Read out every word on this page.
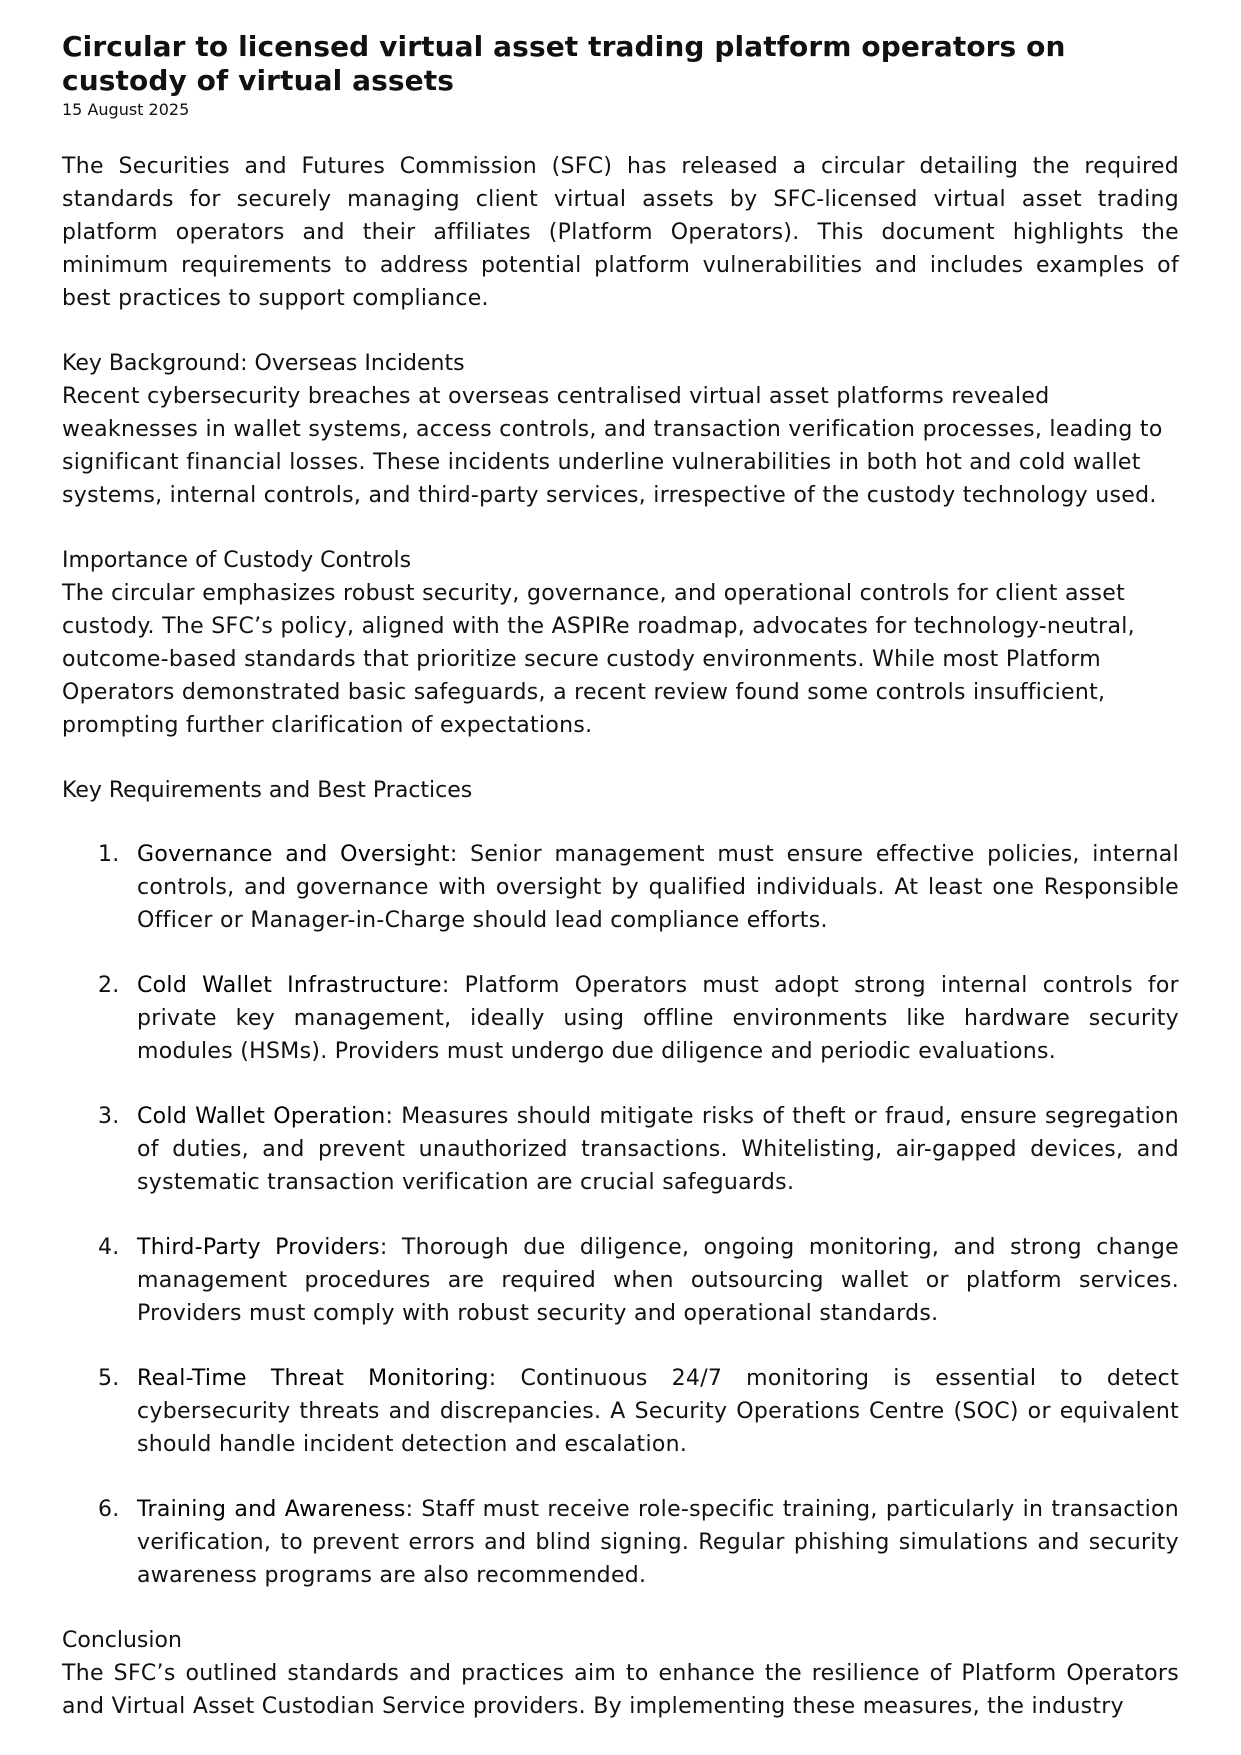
Circular to licensed virtual asset trading platform operators on custody of virtual assets

15 August 2025

The Securities and Futures Commission (SFC) has released a circular detailing the required standards for securely managing client virtual assets by SFC-licensed virtual asset trading platform operators and their affiliates (Platform Operators). This document highlights the minimum requirements to address potential platform vulnerabilities and includes examples of best practices to support compliance.

Key Background: Overseas Incidents

Recent cybersecurity breaches at overseas centralised virtual asset platforms revealed weaknesses in wallet systems, access controls, and transaction verification processes, leading to significant financial losses. These incidents underline vulnerabilities in both hot and cold wallet systems, internal controls, and third-party services, irrespective of the custody technology used.

Importance of Custody Controls

The circular emphasizes robust security, governance, and operational controls for client asset custody. The SFC’s policy, aligned with the ASPIRe roadmap, advocates for technology-neutral, outcome-based standards that prioritize secure custody environments. While most Platform Operators demonstrated basic safeguards, a recent review found some controls insufficient, prompting further clarification of expectations.

Key Requirements and Best Practices
1. Governance and Oversight: Senior management must ensure effective policies, internal controls, and governance with oversight by qualified individuals. At least one Responsible Officer or Manager-in-Charge should lead compliance efforts.
2. Cold Wallet Infrastructure: Platform Operators must adopt strong internal controls for private key management, ideally using offline environments like hardware security modules (HSMs). Providers must undergo due diligence and periodic evaluations.
3. Cold Wallet Operation: Measures should mitigate risks of theft or fraud, ensure segregation of duties, and prevent unauthorized transactions. Whitelisting, air-gapped devices, and systematic transaction verification are crucial safeguards.
4. Third-Party Providers: Thorough due diligence, ongoing monitoring, and strong change management procedures are required when outsourcing wallet or platform services. Providers must comply with robust security and operational standards.
5. Real-Time Threat Monitoring: Continuous 24/7 monitoring is essential to detect cybersecurity threats and discrepancies. A Security Operations Centre (SOC) or equivalent should handle incident detection and escalation.
6. Training and Awareness: Staff must receive role-specific training, particularly in transaction verification, to prevent errors and blind signing. Regular phishing simulations and security awareness programs are also recommended.
Conclusion

The SFC’s outlined standards and practices aim to enhance the resilience of Platform Operators and Virtual Asset Custodian Service providers. By implementing these measures, the industry
